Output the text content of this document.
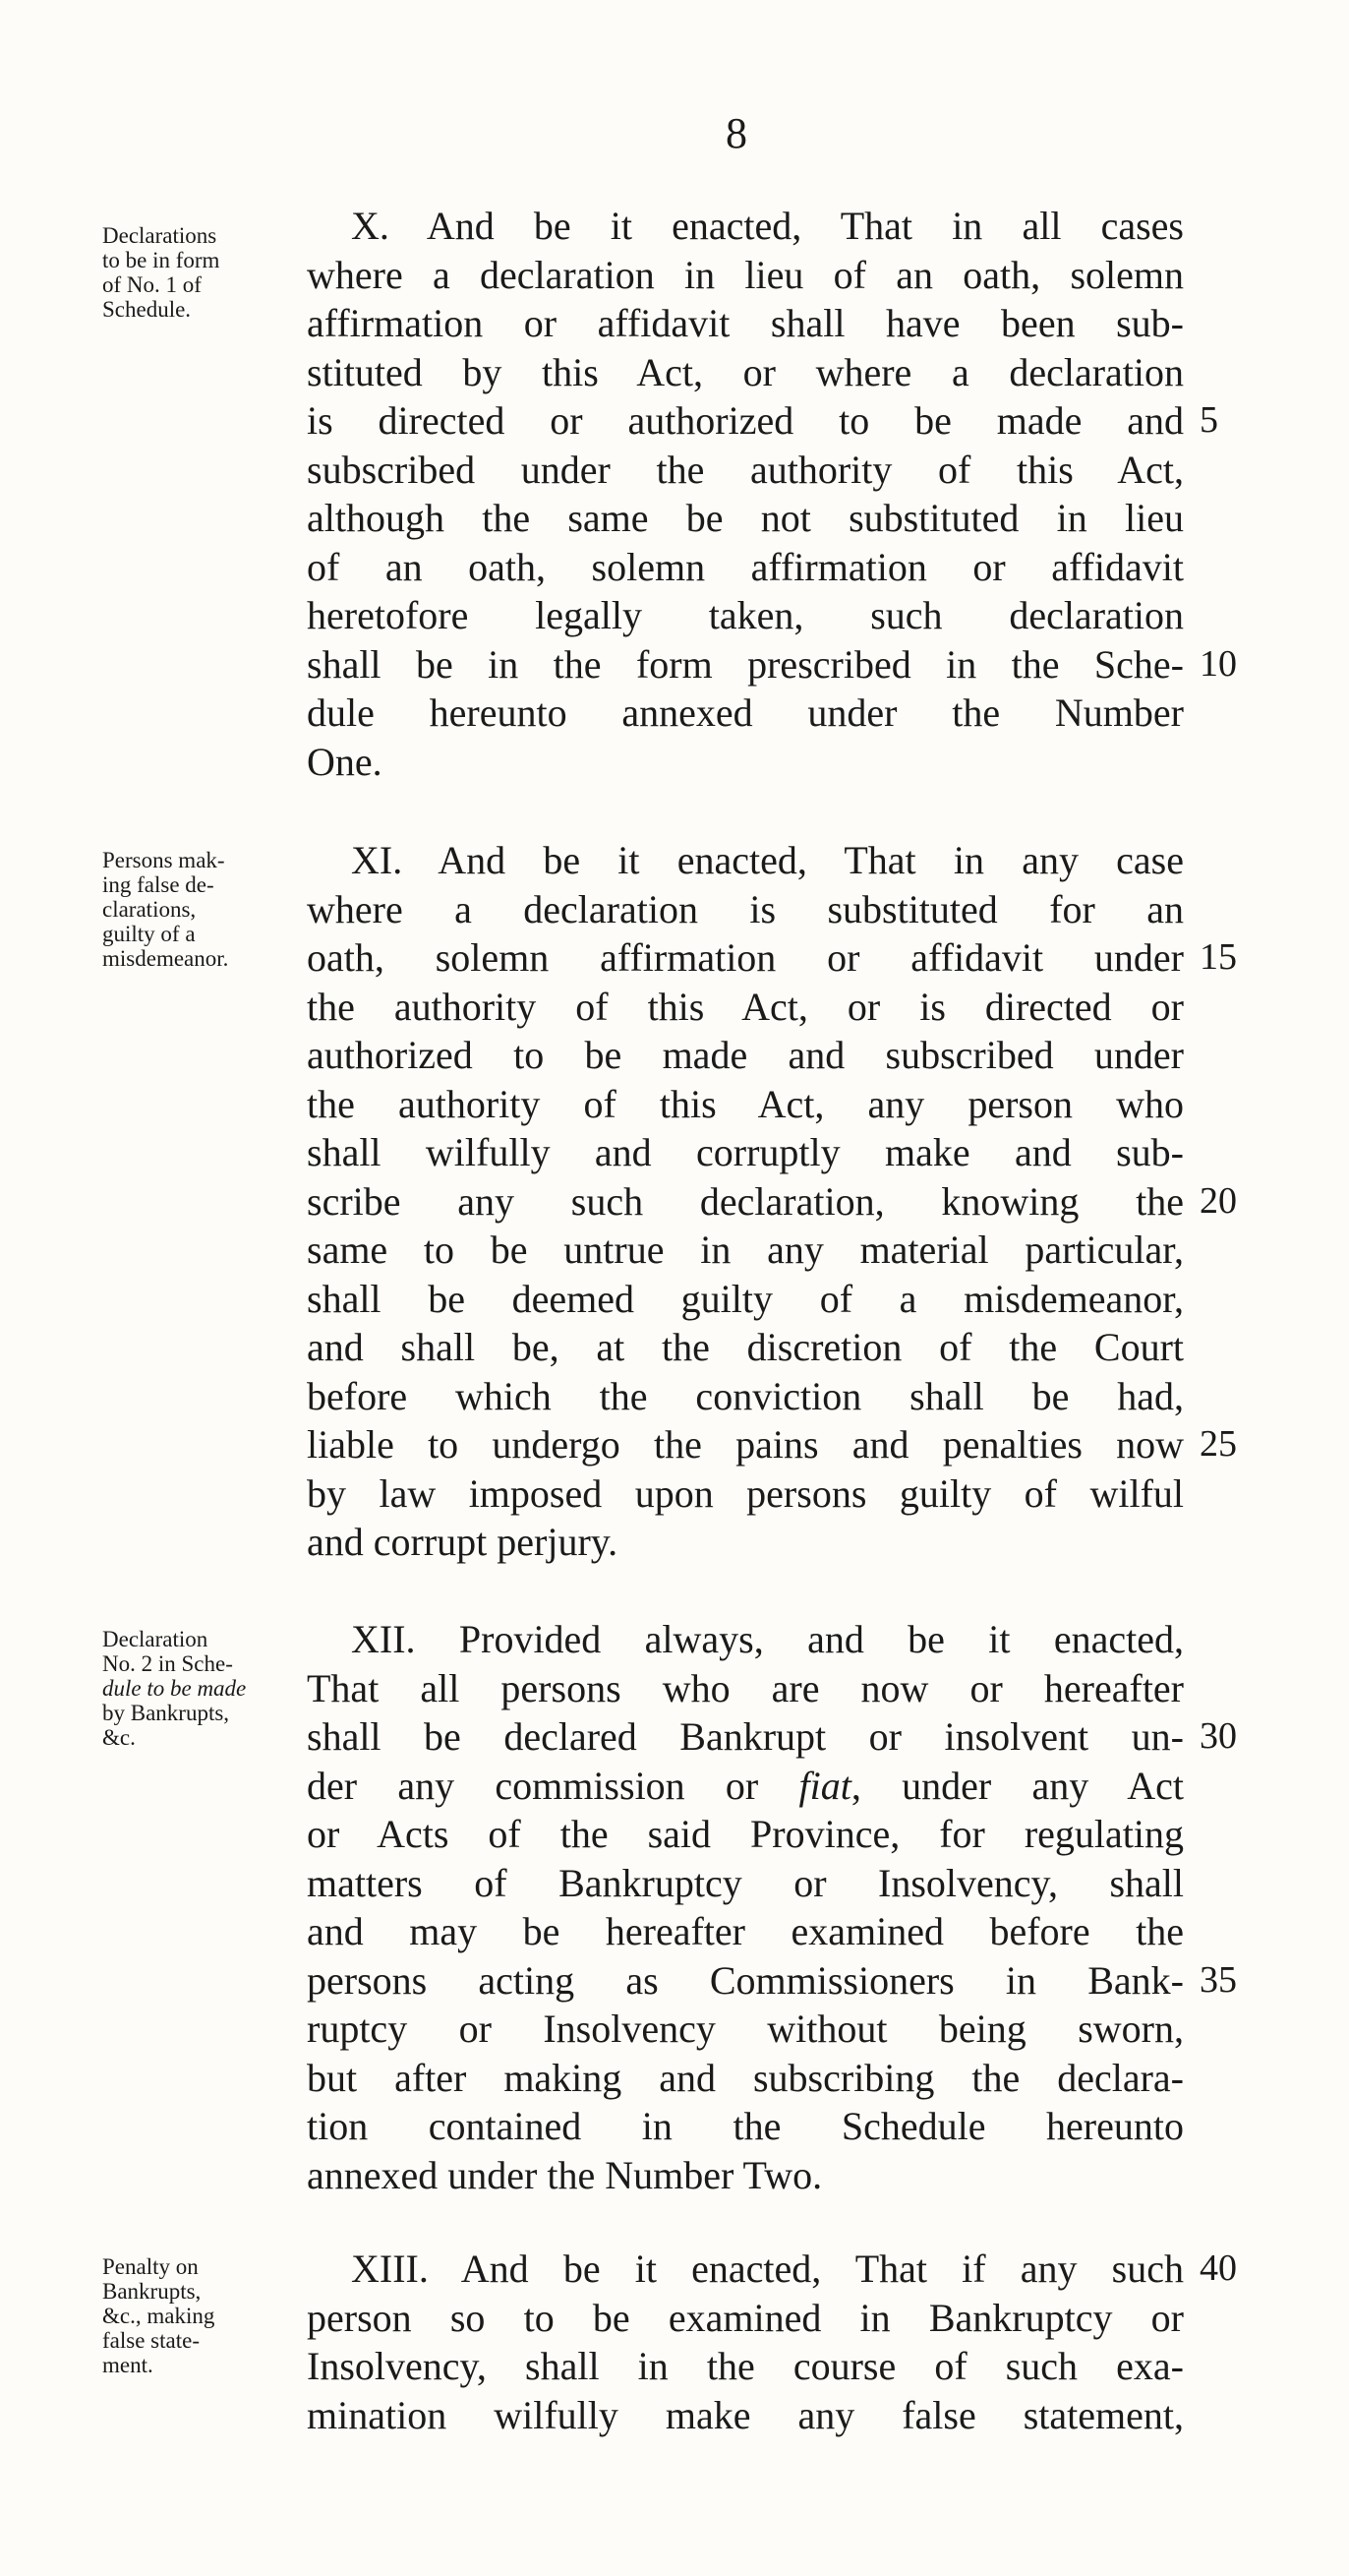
8
Declarations
to be in form
of No. 1 of
Schedule.
X. And be it enacted, That in all cases
where a declaration in lieu of an oath, solemn
affirmation or affidavit shall have been sub-
stituted by this Act, or where a declaration
is directed or authorized to be made and
subscribed under the authority of this Act,
although the same be not substituted in lieu
of an oath, solemn affirmation or affidavit
heretofore legally taken, such declaration
shall be in the form prescribed in the Sche-
dule hereunto annexed under the Number
One.
5
10
Persons mak-
ing false de-
clarations,
guilty of a
misdemeanor.
XI. And be it enacted, That in any case
where a declaration is substituted for an
oath, solemn affirmation or affidavit under
the authority of this Act, or is directed or
authorized to be made and subscribed under
the authority of this Act, any person who
shall wilfully and corruptly make and sub-
scribe any such declaration, knowing the
same to be untrue in any material particular,
shall be deemed guilty of a misdemeanor,
and shall be, at the discretion of the Court
before which the conviction shall be had,
liable to undergo the pains and penalties now
by law imposed upon persons guilty of wilful
and corrupt perjury.
15
20
25
Declaration
No. 2 in Sche-
dule to be made
by Bankrupts,
&c.
XII. Provided always, and be it enacted,
That all persons who are now or hereafter
shall be declared Bankrupt or insolvent un-
der any commission or fiat, under any Act
or Acts of the said Province, for regulating
matters of Bankruptcy or Insolvency, shall
and may be hereafter examined before the
persons acting as Commissioners in Bank-
ruptcy or Insolvency without being sworn,
but after making and subscribing the declara-
tion contained in the Schedule hereunto
annexed under the Number Two.
30
35
Penalty on
Bankrupts,
&c., making
false state-
ment.
XIII. And be it enacted, That if any such
person so to be examined in Bankruptcy or
Insolvency, shall in the course of such exa-
mination wilfully make any false statement,
40
